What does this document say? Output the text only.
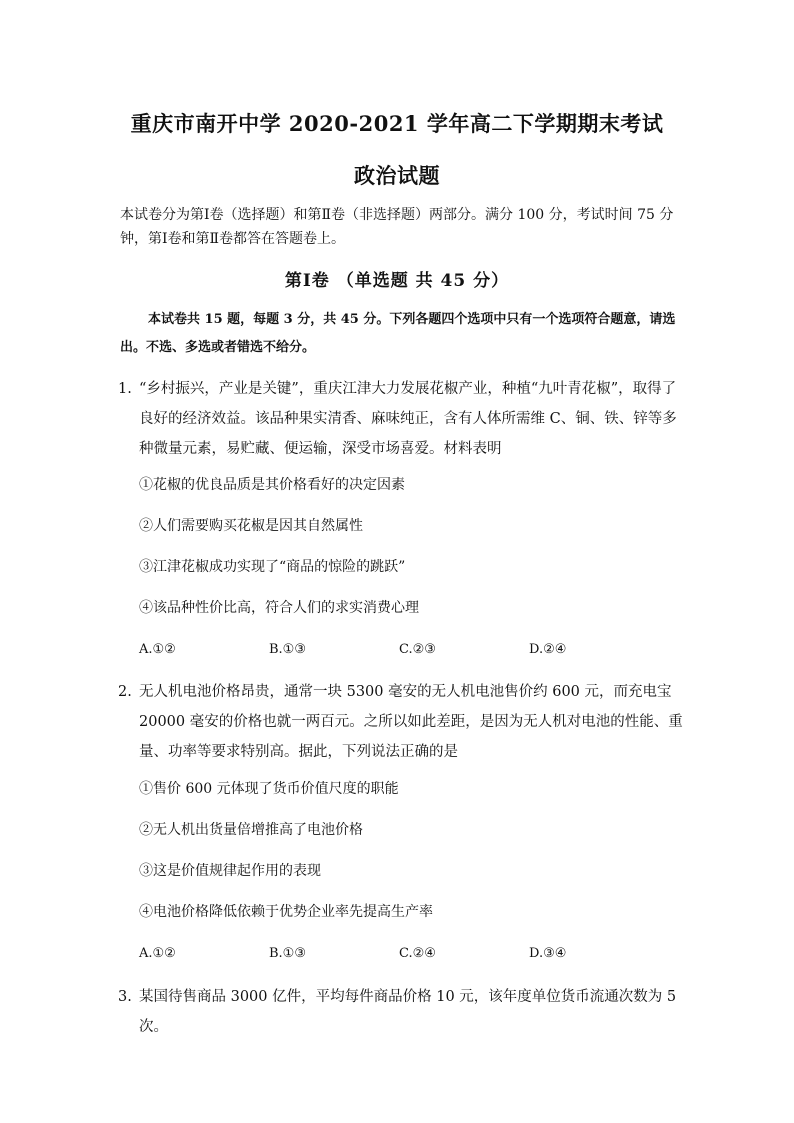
重庆市南开中学 2020-2021 学年高二下学期期末考试
政治试题
本试卷分为第Ⅰ卷（选择题）和第Ⅱ卷（非选择题）两部分。满分 100 分，考试时间 75 分钟，第Ⅰ卷和第Ⅱ卷都答在答题卷上。
第Ⅰ卷 （单选题 共 45 分）
本试卷共 15 题，每题 3 分，共 45 分。下列各题四个选项中只有一个选项符合题意，请选出。不选、多选或者错选不给分。
1. “乡村振兴，产业是关键”，重庆江津大力发展花椒产业，种植“九叶青花椒”，取得了良好的经济效益。该品种果实清香、麻味纯正，含有人体所需维 C、铜、铁、锌等多种微量元素，易贮藏、便运输，深受市场喜爱。材料表明
①花椒的优良品质是其价格看好的决定因素
②人们需要购买花椒是因其自然属性
③江津花椒成功实现了“商品的惊险的跳跃”
④该品种性价比高，符合人们的求实消费心理
A.①②	B.①③	C.②③	D.②④
2. 无人机电池价格昂贵，通常一块 5300 毫安的无人机电池售价约 600 元，而充电宝 20000 毫安的价格也就一两百元。之所以如此差距，是因为无人机对电池的性能、重量、功率等要求特别高。据此，下列说法正确的是
①售价 600 元体现了货币价值尺度的职能
②无人机出货量倍增推高了电池价格
③这是价值规律起作用的表现
④电池价格降低依赖于优势企业率先提高生产率
A.①②	B.①③	C.②④	D.③④
3. 某国待售商品 3000 亿件，平均每件商品价格 10 元，该年度单位货币流通次数为 5 次。
